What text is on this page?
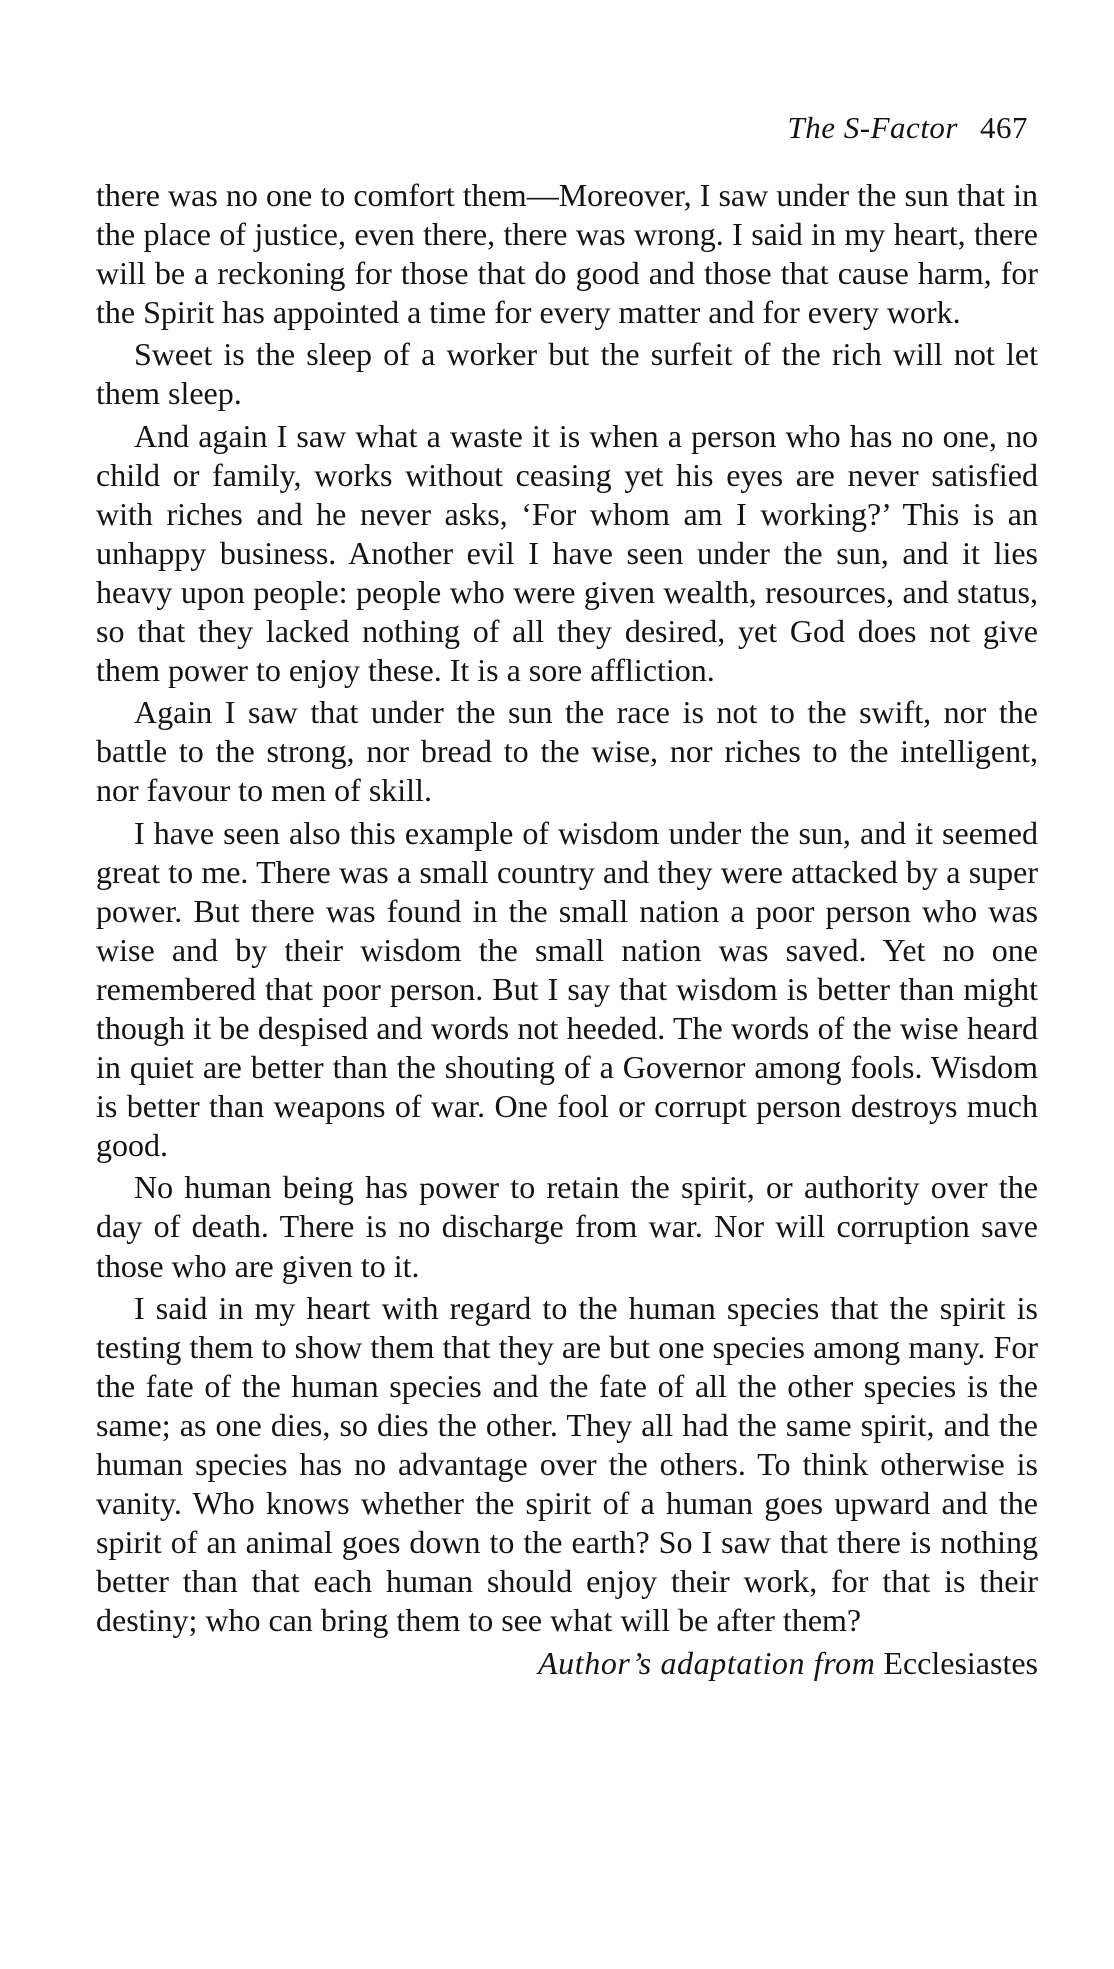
The S-Factor 467

there was no one to comfort them—Moreover, I saw under the sun that in the place of justice, even there, there was wrong. I said in my heart, there will be a reckoning for those that do good and those that cause harm, for the Spirit has appointed a time for every matter and for every work.

Sweet is the sleep of a worker but the surfeit of the rich will not let them sleep.

And again I saw what a waste it is when a person who has no one, no child or family, works without ceasing yet his eyes are never satisfied with riches and he never asks, ‘For whom am I working?’ This is an unhappy business. Another evil I have seen under the sun, and it lies heavy upon people: people who were given wealth, resources, and status, so that they lacked nothing of all they desired, yet God does not give them power to enjoy these. It is a sore affliction.

Again I saw that under the sun the race is not to the swift, nor the battle to the strong, nor bread to the wise, nor riches to the intelligent, nor favour to men of skill.

I have seen also this example of wisdom under the sun, and it seemed great to me. There was a small country and they were attacked by a super power. But there was found in the small nation a poor person who was wise and by their wisdom the small nation was saved. Yet no one remembered that poor person. But I say that wisdom is better than might though it be despised and words not heeded. The words of the wise heard in quiet are better than the shouting of a Governor among fools. Wisdom is better than weapons of war. One fool or corrupt person destroys much good.

No human being has power to retain the spirit, or authority over the day of death. There is no discharge from war. Nor will corruption save those who are given to it.

I said in my heart with regard to the human species that the spirit is testing them to show them that they are but one species among many. For the fate of the human species and the fate of all the other species is the same; as one dies, so dies the other. They all had the same spirit, and the human species has no advantage over the others. To think otherwise is vanity. Who knows whether the spirit of a human goes upward and the spirit of an animal goes down to the earth? So I saw that there is nothing better than that each human should enjoy their work, for that is their destiny; who can bring them to see what will be after them?

Author’s adaptation from Ecclesiastes
